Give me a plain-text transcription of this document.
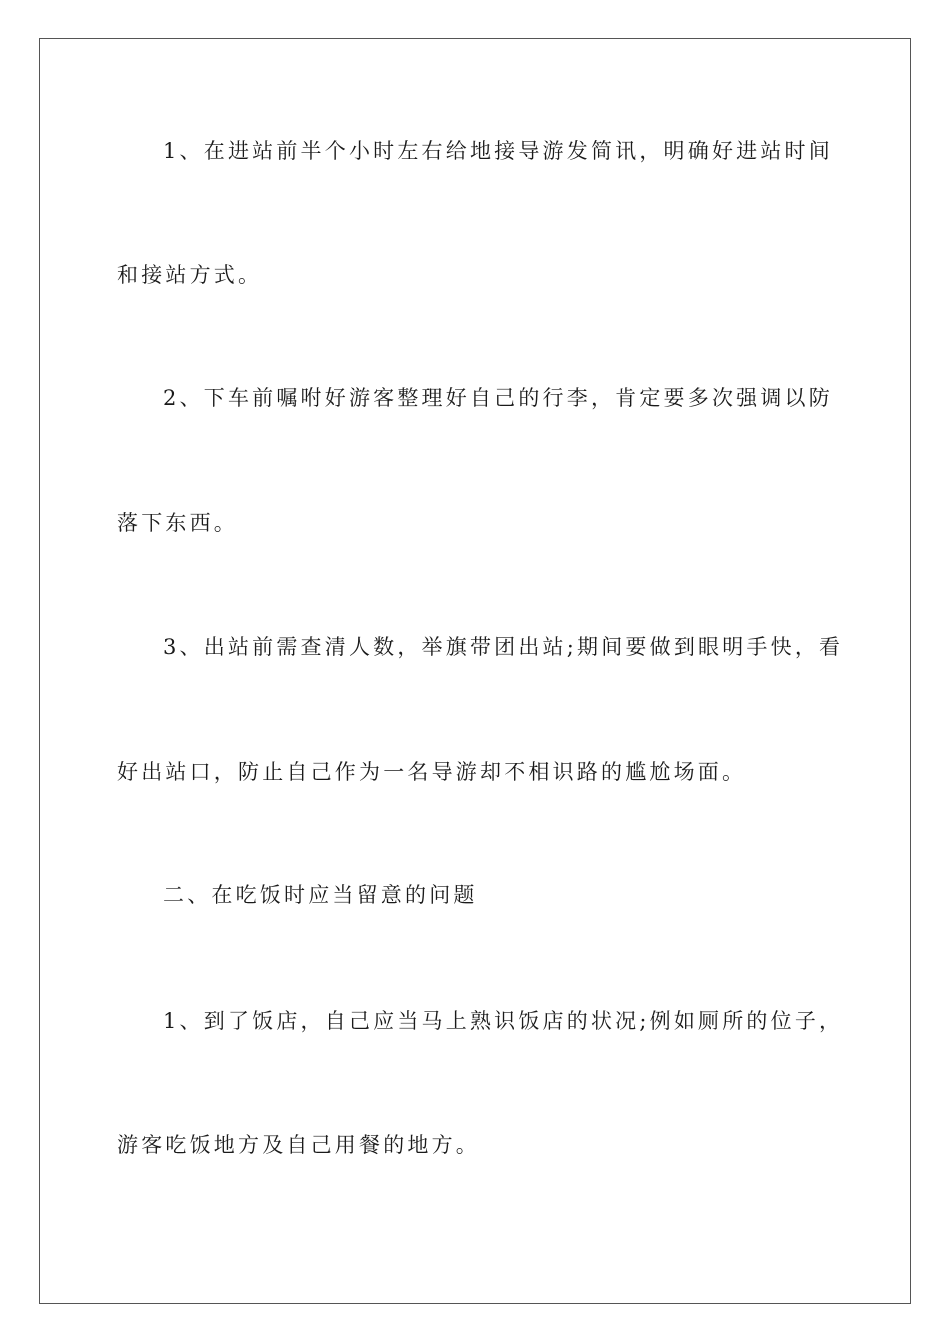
1、在进站前半个小时左右给地接导游发简讯，明确好进站时间
和接站方式。
2、下车前嘱咐好游客整理好自己的行李，肯定要多次强调以防
落下东西。
3、出站前需查清人数，举旗带团出站;期间要做到眼明手快，看
好出站口，防止自己作为一名导游却不相识路的尴尬场面。
二、在吃饭时应当留意的问题
1、到了饭店，自己应当马上熟识饭店的状况;例如厕所的位子，
游客吃饭地方及自己用餐的地方。
